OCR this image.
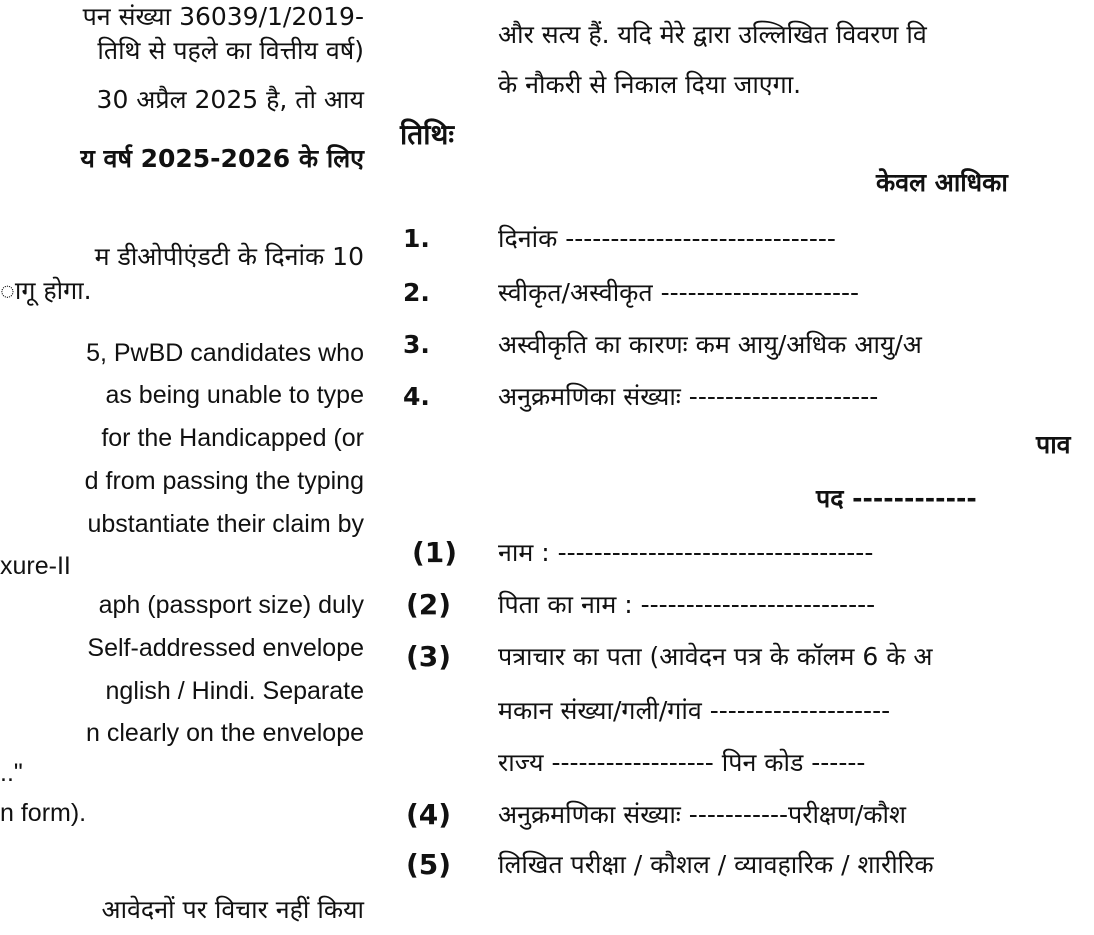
पन संख्या 36039/1/2019-
तिथि से पहले का वित्तीय वर्ष)
30 अप्रैल 2025 है, तो आय
य वर्ष 2025-2026 के लिए
म डीओपीएंडटी के दिनांक 10
ागू होगा.
5, PwBD candidates who
as being unable to type
for the Handicapped (or
d from passing the typing
ubstantiate their claim by
xure-II
aph (passport size) duly
Self-addressed envelope
nglish / Hindi. Separate
n clearly on the envelope
.."
n form).
आवेदनों पर विचार नहीं किया
और सत्य हैं. यदि मेरे द्वारा उल्लिखित विवरण वि
के नौकरी से निकाल दिया जाएगा.
तिथिः
केवल आधिका
1.	दिनांक ------------------------------
2.	स्वीकृत/अस्वीकृत ----------------------
3.	अस्वीकृति का कारणः कम आयु/अधिक आयु/अ
4.	अनुक्रमणिका संख्याः ---------------------
पाव
पद ------------
(1) नाम : -----------------------------------
(2) पिता का नाम : --------------------------
(3) पत्राचार का पता (आवेदन पत्र के कॉलम 6 के अ
मकान संख्या/गली/गांव --------------------
राज्य ------------------ पिन कोड ------
(4) अनुक्रमणिका संख्याः -----------परीक्षण/कौश
(5) लिखित परीक्षा / कौशल / व्यावहारिक / शारीरिक
